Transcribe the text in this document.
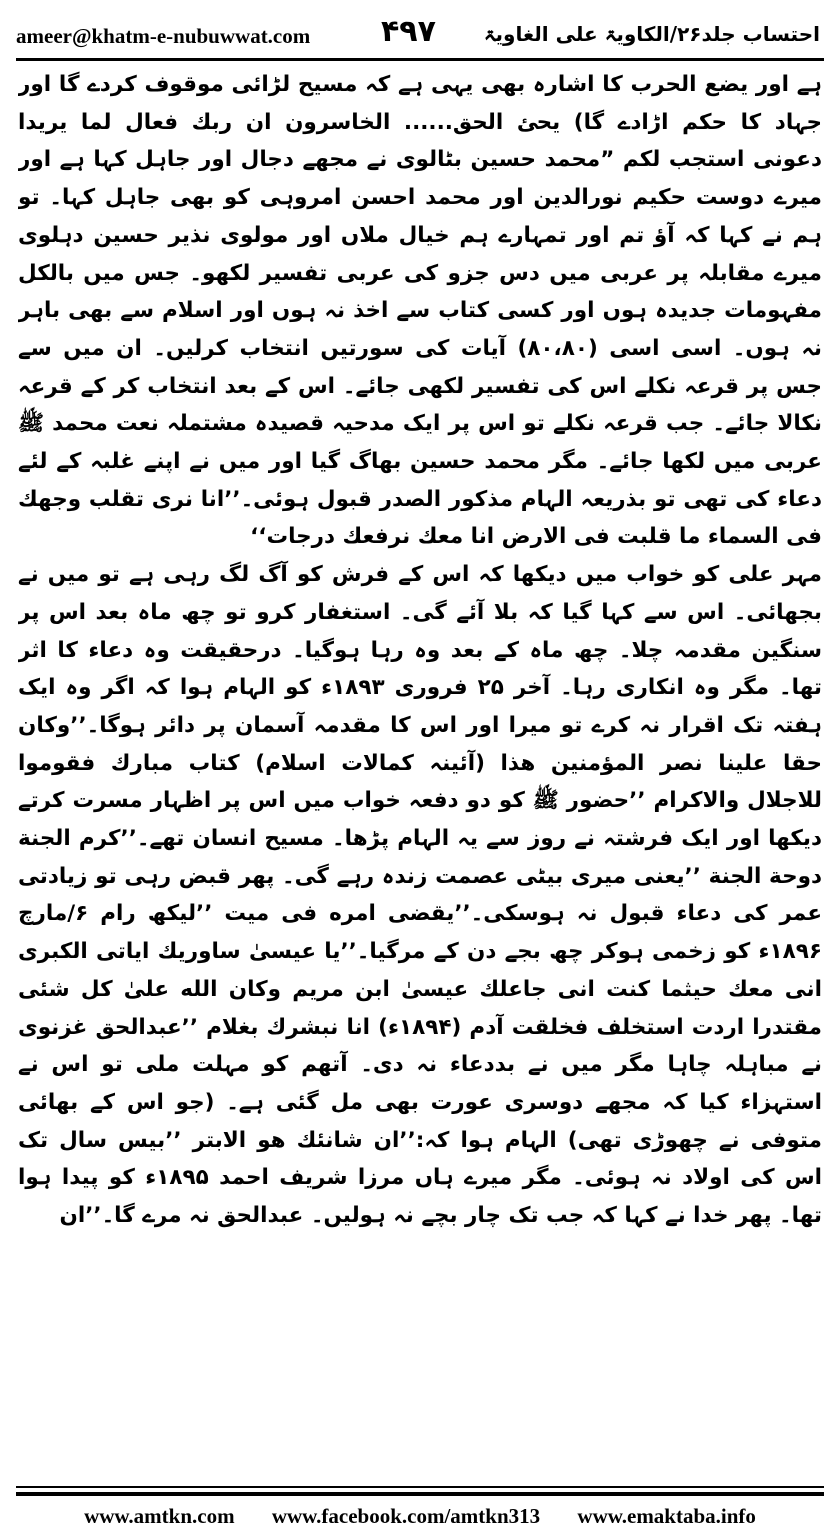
ameer@khatm-e-nubuwwat.com ۴۹۷ احتساب جلد۲۶/الکاویۃ علی الغاویۃ

ہے اور یضع الحرب کا اشارہ بھی یہی ہے کہ مسیح لڑائی موقوف کردے گا اور جہاد کا حکم اڑادے گا) یحئ الحق...... الخاسرون ان ربك فعال لما یریدا دعونی استجب لکم ”محمد حسین بٹالوی نے مجھے دجال اور جاہل کہا ہے اور میرے دوست حکیم نورالدین اور محمد احسن امروہی کو بھی جاہل کہا۔ تو ہم نے کہا کہ آؤ تم اور تمہارے ہم خیال ملاں اور مولوی نذیر حسین دہلوی میرے مقابلہ پر عربی میں دس جزو کی عربی تفسیر لکھو۔ جس میں بالکل مفہومات جدیدہ ہوں اور کسی کتاب سے اخذ نہ ہوں اور اسلام سے بھی باہر نہ ہوں۔ اسی اسی (۸۰،۸۰) آیات کی سورتیں انتخاب کرلیں۔ ان میں سے جس پر قرعہ نکلے اس کی تفسیر لکھی جائے۔ اس کے بعد انتخاب کر کے قرعہ نکالا جائے۔ جب قرعہ نکلے تو اس پر ایک مدحیہ قصیدہ مشتملہ نعت محمد ﷺ عربی میں لکھا جائے۔ مگر محمد حسین بھاگ گیا اور میں نے اپنے غلبہ کے لئے دعاء کی تھی تو بذریعہ الہام مذکور الصدر قبول ہوئی۔’’انا نری تقلب وجهك فی السماء ما قلبت فی الارض انا معك نرفعك درجات‘‘

مہر علی کو خواب میں دیکھا کہ اس کے فرش کو آگ لگ رہی ہے تو میں نے بجھائی۔ اس سے کہا گیا کہ بلا آئے گی۔ استغفار کرو تو چھ ماہ بعد اس پر سنگین مقدمہ چلا۔ چھ ماہ کے بعد وہ رہا ہوگیا۔ درحقیقت وہ دعاء کا اثر تھا۔ مگر وہ انکاری رہا۔ آخر ۲۵ فروری ۱۸۹۳ء کو الہام ہوا کہ اگر وہ ایک ہفتہ تک اقرار نہ کرے تو میرا اور اس کا مقدمہ آسمان پر دائر ہوگا۔’’وکان حقا علینا نصر المؤمنین هذا (آئینہ کمالات اسلام) کتاب مبارك فقوموا للاجلال والاکرام ’’حضور ﷺ کو دو دفعہ خواب میں اس پر اظہار مسرت کرتے دیکھا اور ایک فرشتہ نے روز سے یہ الہام پڑھا۔ مسیح انسان تھے۔’’کرم الجنة دوحة الجنة ’’یعنی میری بیٹی عصمت زندہ رہے گی۔ پھر قبض رہی تو زیادتی عمر کی دعاء قبول نہ ہوسکی۔’’یقضی امره فی میت ’’لیکھ رام ۶/مارچ ۱۸۹۶ء کو زخمی ہوکر چھ بجے دن کے مرگیا۔’’یا عیسیٰ ساوریك ایاتی الکبری انی معك حیثما کنت انی جاعلك عیسیٰ ابن مریم وکان الله علیٰ کل شئی مقتدرا اردت استخلف فخلقت آدم (۱۸۹۴ء) انا نبشرك بغلام ’’عبدالحق غزنوی نے مباہلہ چاہا مگر میں نے بددعاء نہ دی۔ آتھم کو مہلت ملی تو اس نے استہزاء کیا کہ مجھے دوسری عورت بھی مل گئی ہے۔ (جو اس کے بھائی متوفی نے چھوڑی تھی) الہام ہوا کہ:’’ان شانئك هو الابتر ’’بیس سال تک اس کی اولاد نہ ہوئی۔ مگر میرے ہاں مرزا شریف احمد ۱۸۹۵ء کو پیدا ہوا تھا۔ پھر خدا نے کہا کہ جب تک چار بچے نہ ہولیں۔ عبدالحق نہ مرے گا۔’’ان

www.amtkn.com www.facebook.com/amtkn313 www.emaktaba.info
